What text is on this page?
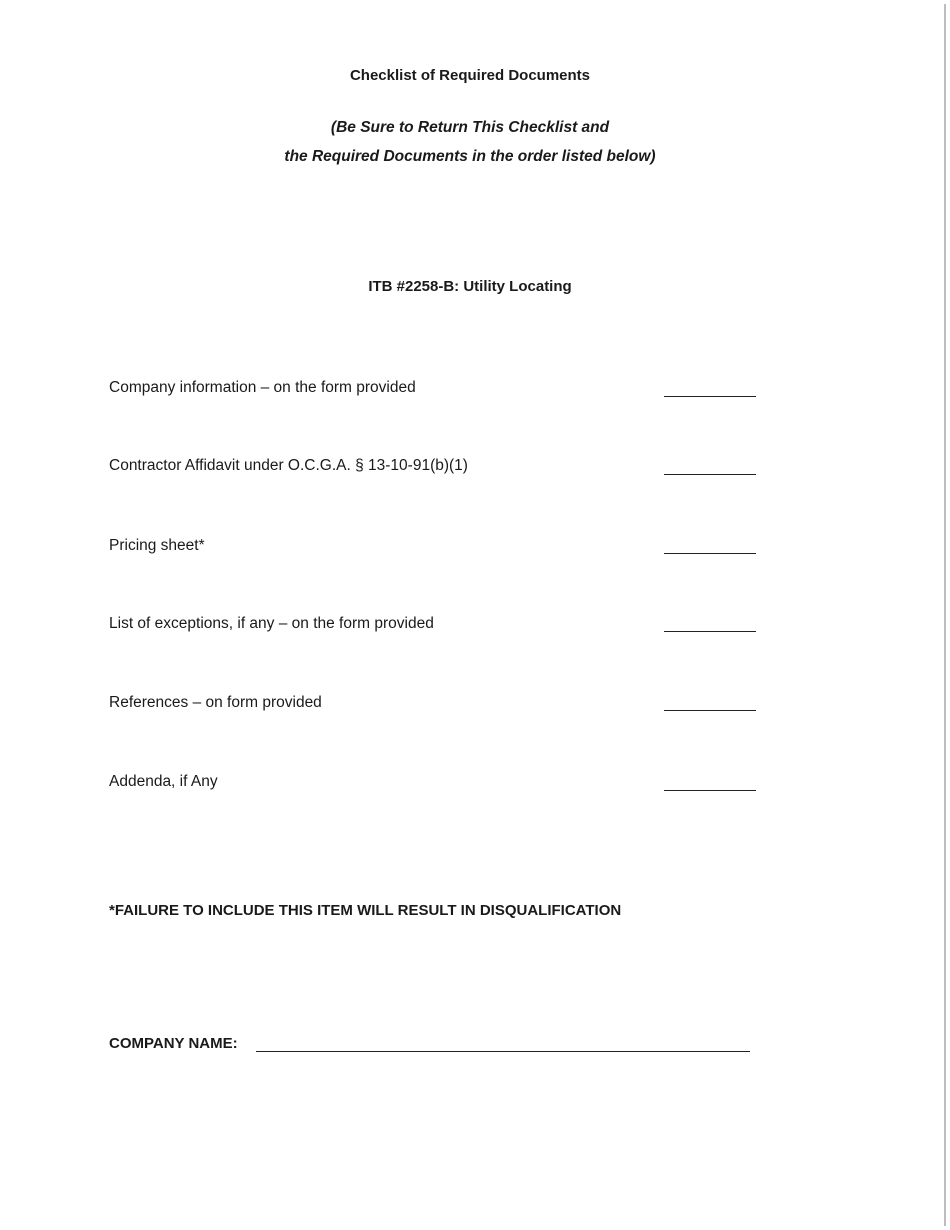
Checklist of Required Documents
(Be Sure to Return This Checklist and
the Required Documents in the order listed below)
ITB #2258-B: Utility Locating
Company information – on the form provided
Contractor Affidavit under O.C.G.A. § 13-10-91(b)(1)
Pricing sheet*
List of exceptions, if any – on the form provided
References – on form provided
Addenda, if Any
*FAILURE TO INCLUDE THIS ITEM WILL RESULT IN DISQUALIFICATION
COMPANY NAME:
